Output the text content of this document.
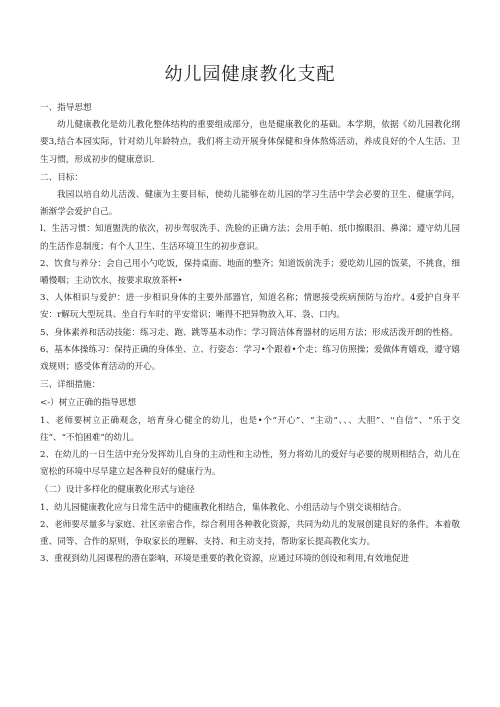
幼儿园健康教化支配

一、指导思想

幼儿健康教化是幼儿教化整体结构的重要组成部分，也是健康教化的基础。本学期，依据《幼儿园教化纲要3,结合本园实际，针对幼儿年龄特点，我们将主动开展身体保健和身体熬炼活动，养成良好的个人生活、卫生习惯，形成初步的健康意识.

二、目标：

我园以培自幼儿活泼、健康为主要目标，使幼儿能够在幼儿园的学习生活中学会必要的卫生、健康学问，渐渐学会爱护自己。

l、生活习惯：知道盥洗的依次，初步驾驭洗手、洗脸的正确方法；会用手帕、纸巾擦眼泪、鼻涕；遵守幼儿园的生活作息制度；有个人卫生、生活环境卫生的初步意识。

2、饮食与养分：会自己用小勺吃饭，保持桌面、地面的整齐；知道饭前洗手；爱吃幼儿园的饭菜，不挑食，细嚼慢咽；主动饮水，按要求取放茶杯•

3、人体相识与爱护：进一步相识身体的主要外部器官，知道名称；情愿接受疾病预防与治疗。4爱护自身平安：r解玩大型玩具、坐自行车时的平安常识；晰得不把异物放入耳、袅、口内。

5、身体素养和活动技能：练习走、跑、跳等基本动作；学习简洁体育器材的运用方法；形成活泼开朗的性格。

6、基本体操练习：保持正确的身体坐、立、行姿态：学习•个跟着•个走；练习仿照操；爱做体育嬉戏，遵守嬉戏规则；感受体育活动的开心。

三、详细措施：

<-）树立正确的指导思想

1、老师要树立正确观念，培育身心健全的幼儿，也是•个“开心”、“主动”、、、大胆”、''自信”、“乐于交往”、“不怕困难”的幼儿。

2、在幼儿的一日生活中充分发挥幼儿自身的主动性和主动性，努力将幼儿的爱好与必要的规则相结合，幼儿在宽松的环境中尽早建立起各种良好的健康行为。

（二）设计多样化的健康教化形式与途径

1、幼儿园健康教化应与日常生活中的健康教化相结合，集体教化、小组活动与个别交谈相结合。

2、老师要尽量多与家庭、社区亲密合作，综合利用各种教化资源，共同为幼儿的发展创建良好的条件。本着敬重、同等、合作的原则，争取家长的理解、支持、和主动支持，帮助家长提高教化实力。

3、重视到幼儿园课程的潜在影响，环境是重要的教化资源，应通过环境的创设和利用,有效地促进
